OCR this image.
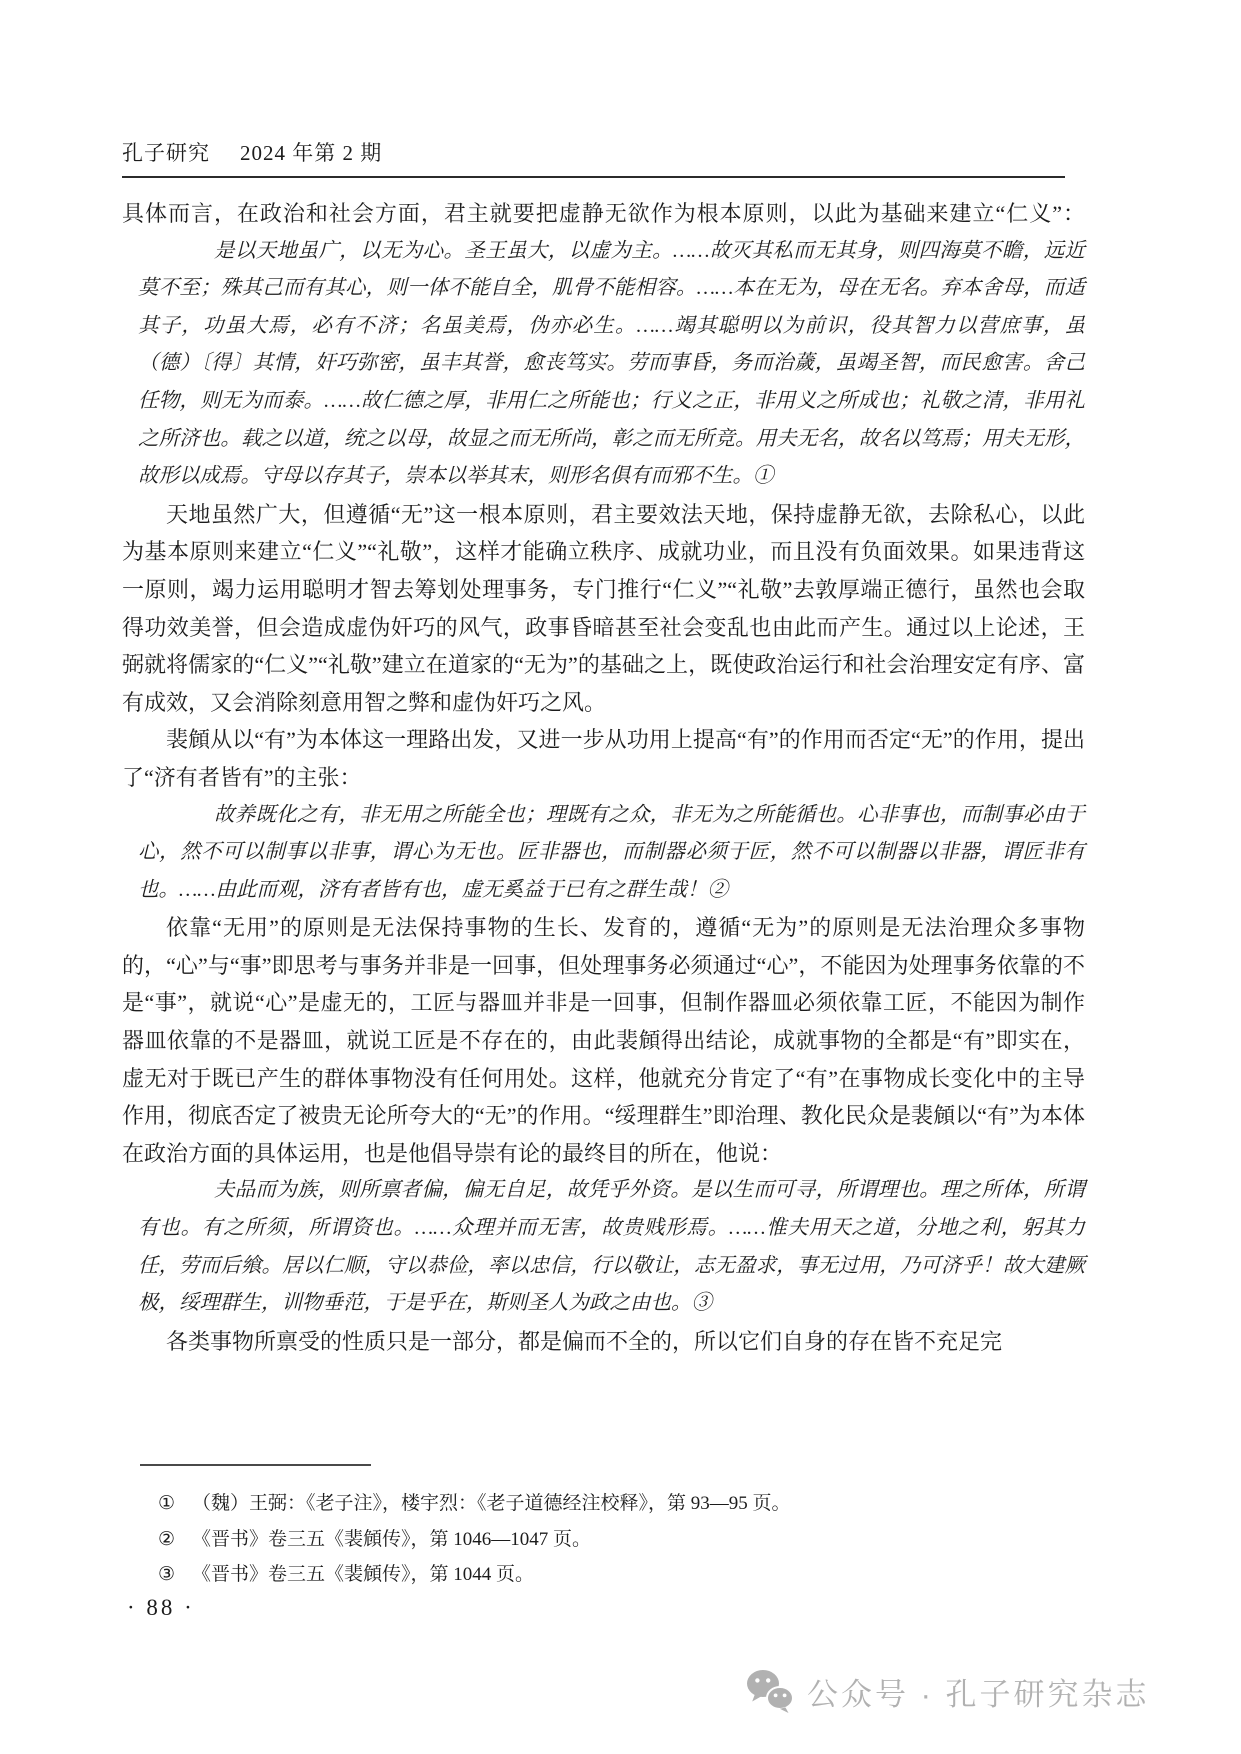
孔子研究 2024 年第 2 期

具体而言，在政治和社会方面，君主就要把虚静无欲作为根本原则，以此为基础来建立“仁义”：

是以天地虽广，以无为心。圣王虽大，以虚为主。……故灭其私而无其身，则四海莫不瞻，远近莫不至；殊其己而有其心，则一体不能自全，肌骨不能相容。……本在无为，母在无名。弃本舍母，而适其子，功虽大焉，必有不济；名虽美焉，伪亦必生。……竭其聪明以为前识，役其智力以营庶事，虽（德）〔得〕其情，奸巧弥密，虽丰其誉，愈丧笃实。劳而事昏，务而治薉，虽竭圣智，而民愈害。舍己任物，则无为而泰。……故仁德之厚，非用仁之所能也；行义之正，非用义之所成也；礼敬之清，非用礼之所济也。载之以道，统之以母，故显之而无所尚，彰之而无所竞。用夫无名，故名以笃焉；用夫无形，故形以成焉。守母以存其子，崇本以举其末，则形名俱有而邪不生。①

天地虽然广大，但遵循“无”这一根本原则，君主要效法天地，保持虚静无欲，去除私心，以此为基本原则来建立“仁义”“礼敬”，这样才能确立秩序、成就功业，而且没有负面效果。如果违背这一原则，竭力运用聪明才智去筹划处理事务，专门推行“仁义”“礼敬”去敦厚端正德行，虽然也会取得功效美誉，但会造成虚伪奸巧的风气，政事昏暗甚至社会变乱也由此而产生。通过以上论述，王弼就将儒家的“仁义”“礼敬”建立在道家的“无为”的基础之上，既使政治运行和社会治理安定有序、富有成效，又会消除刻意用智之弊和虚伪奸巧之风。

裴頠从以“有”为本体这一理路出发，又进一步从功用上提高“有”的作用而否定“无”的作用，提出了“济有者皆有”的主张：

故养既化之有，非无用之所能全也；理既有之众，非无为之所能循也。心非事也，而制事必由于心，然不可以制事以非事，谓心为无也。匠非器也，而制器必须于匠，然不可以制器以非器，谓匠非有也。……由此而观，济有者皆有也，虚无奚益于已有之群生哉！②

依靠“无用”的原则是无法保持事物的生长、发育的，遵循“无为”的原则是无法治理众多事物的，“心”与“事”即思考与事务并非是一回事，但处理事务必须通过“心”，不能因为处理事务依靠的不是“事”，就说“心”是虚无的，工匠与器皿并非是一回事，但制作器皿必须依靠工匠，不能因为制作器皿依靠的不是器皿，就说工匠是不存在的，由此裴頠得出结论，成就事物的全都是“有”即实在，虚无对于既已产生的群体事物没有任何用处。这样，他就充分肯定了“有”在事物成长变化中的主导作用，彻底否定了被贵无论所夸大的“无”的作用。“绥理群生”即治理、教化民众是裴頠以“有”为本体在政治方面的具体运用，也是他倡导崇有论的最终目的所在，他说：

夫品而为族，则所禀者偏，偏无自足，故凭乎外资。是以生而可寻，所谓理也。理之所体，所谓有也。有之所须，所谓资也。……众理并而无害，故贵贱形焉。……惟夫用天之道，分地之利，躬其力任，劳而后飨。居以仁顺，守以恭俭，率以忠信，行以敬让，志无盈求，事无过用，乃可济乎！故大建厥极，绥理群生，训物垂范，于是乎在，斯则圣人为政之由也。③

各类事物所禀受的性质只是一部分，都是偏而不全的，所以它们自身的存在皆不充足完

① （魏）王弼：《老子注》，楼宇烈：《老子道德经注校释》，第 93—95 页。
② 《晋书》卷三五《裴頠传》，第 1046—1047 页。
③ 《晋书》卷三五《裴頠传》，第 1044 页。
· 88 ·
公众号 · 孔子研究杂志
